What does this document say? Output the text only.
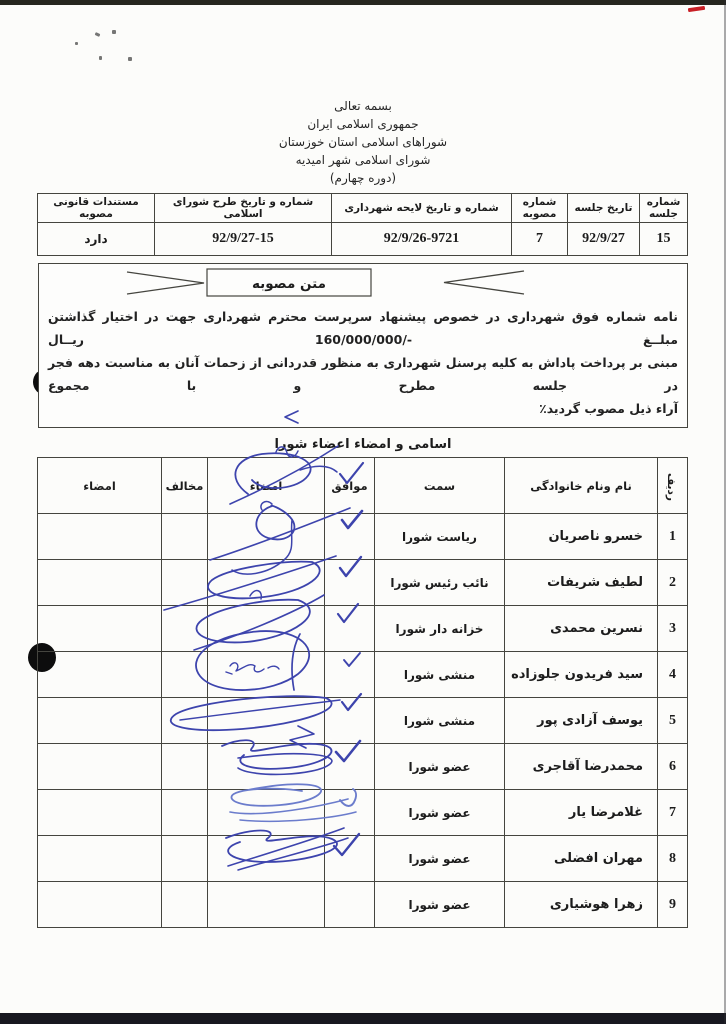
بسمه تعالی
جمهوری اسلامی ایران
شوراهای اسلامی استان خوزستان
شورای اسلامی شهر امیدیه
(دوره چهارم)
شماره جلسه	تاریخ جلسه	شماره مصوبه	شماره و تاریخ لایحه شهرداری	شماره و تاریخ طرح شورای اسلامی	مستندات قانونی مصوبه
15	92/9/27	7	92/9/26-9721	92/9/27-15	دارد
متن مصوبه
نامه شماره فوق شهرداری در خصوص پیشنهاد سرپرست محترم شهرداری جهت در اختیار گذاشتن مبلــغ -/160/000/000 ریــال
مبنی بر پرداخت پاداش به کلیه پرسنل شهرداری به منظور قدردانی از زحمات آنان به مناسبت دهه فجر در جلسه مطرح و با مجموع
آراء ذیل مصوب گردید٪
اسامی و امضاء اعضاء شورا
ردیف	نام ونام خانوادگی	سمت	موافق	امضاء	مخالف	امضاء
1	خسرو ناصریان	ریاست شورا				
2	لطیف شریفات	نائب رئیس شورا				
3	نسرین محمدی	خزانه دار شورا				
4	سید فریدون جلوزاده	منشی شورا				
5	یوسف آزادی پور	منشی شورا				
6	محمدرضا آقاجری	عضو شورا				
7	غلامرضا یار	عضو شورا				
8	مهران افضلی	عضو شورا				
9	زهرا هوشیاری	عضو شورا				
